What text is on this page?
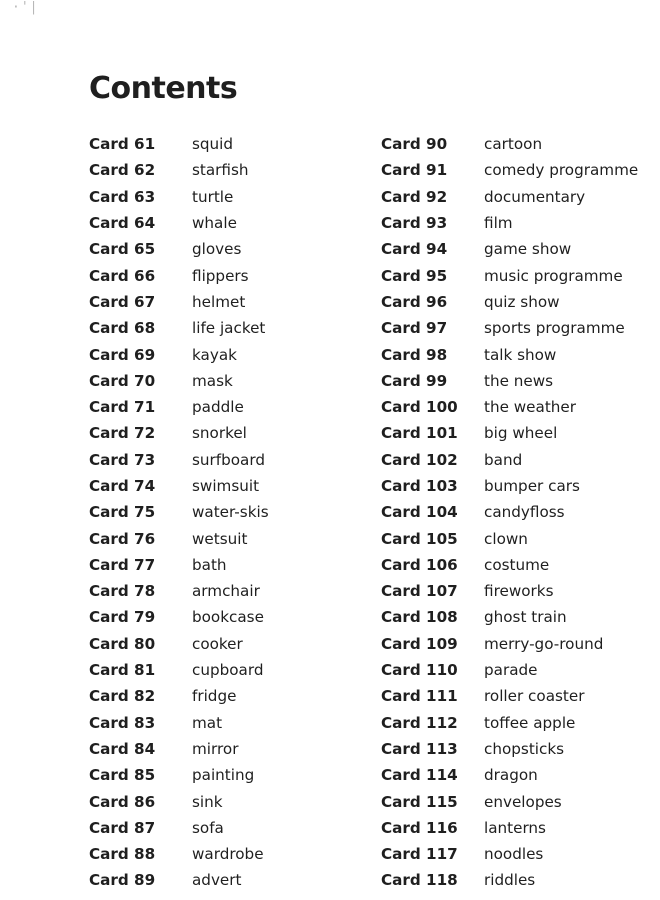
·'|
Contents
Card 61	squid
Card 62	starfish
Card 63	turtle
Card 64	whale
Card 65	gloves
Card 66	flippers
Card 67	helmet
Card 68	life jacket
Card 69	kayak
Card 70	mask
Card 71	paddle
Card 72	snorkel
Card 73	surfboard
Card 74	swimsuit
Card 75	water-skis
Card 76	wetsuit
Card 77	bath
Card 78	armchair
Card 79	bookcase
Card 80	cooker
Card 81	cupboard
Card 82	fridge
Card 83	mat
Card 84	mirror
Card 85	painting
Card 86	sink
Card 87	sofa
Card 88	wardrobe
Card 89	advert
Card 90	cartoon
Card 91	comedy programme
Card 92	documentary
Card 93	film
Card 94	game show
Card 95	music programme
Card 96	quiz show
Card 97	sports programme
Card 98	talk show
Card 99	the news
Card 100	the weather
Card 101	big wheel
Card 102	band
Card 103	bumper cars
Card 104	candyfloss
Card 105	clown
Card 106	costume
Card 107	fireworks
Card 108	ghost train
Card 109	merry-go-round
Card 110	parade
Card 111	roller coaster
Card 112	toffee apple
Card 113	chopsticks
Card 114	dragon
Card 115	envelopes
Card 116	lanterns
Card 117	noodles
Card 118	riddles
